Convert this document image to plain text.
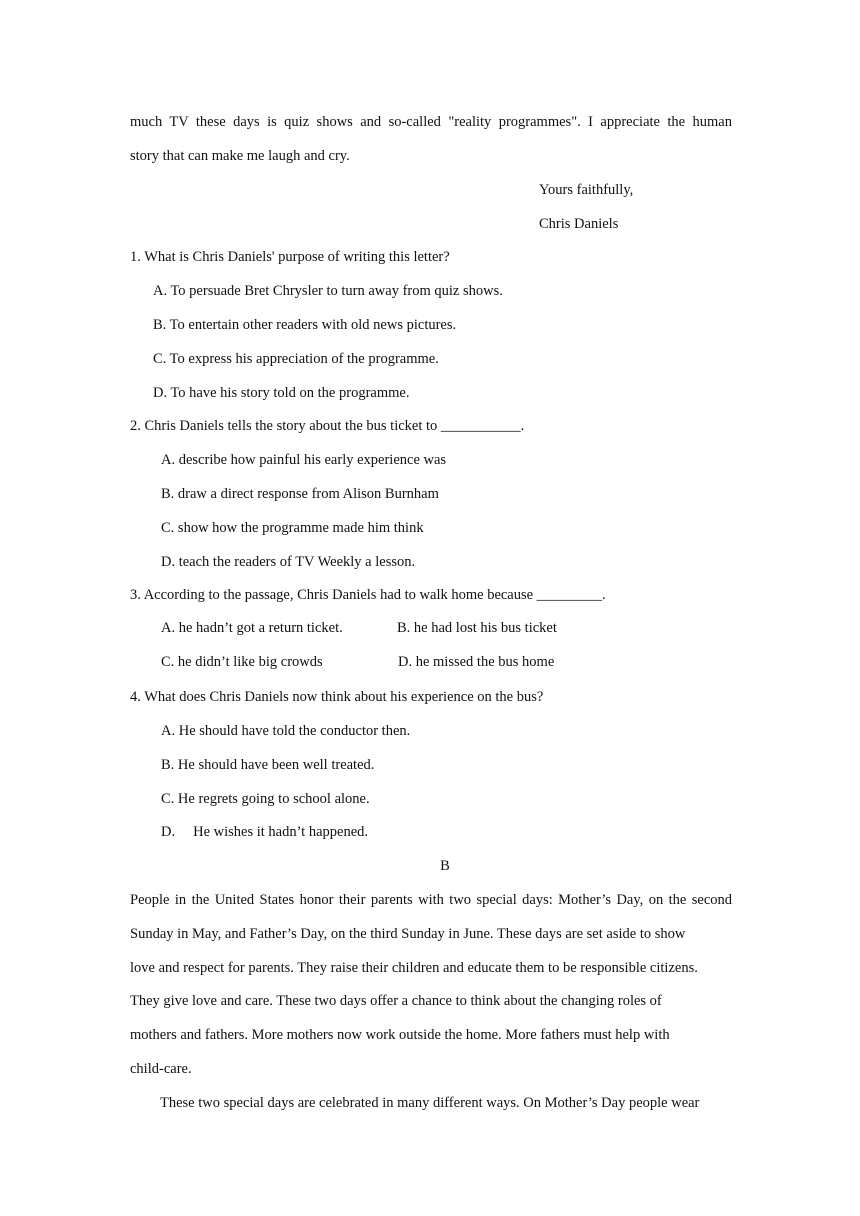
much TV these days is quiz shows and so-called "reality programmes". I appreciate the human
story that can make me laugh and cry.
Yours faithfully,
Chris Daniels
1. What is Chris Daniels' purpose of writing this letter?
A. To persuade Bret Chrysler to turn away from quiz shows.
B. To entertain other readers with old news pictures.
C. To express his appreciation of the programme.
D. To have his story told on the programme.
2. Chris Daniels tells the story about the bus ticket to ___________.
A. describe how painful his early experience was
B. draw a direct response from Alison Burnham
C. show how the programme made him think
D. teach the readers of TV Weekly a lesson.
3. According to the passage, Chris Daniels had to walk home because _________.
A. he hadn’t got a return ticket.	B. he had lost his bus ticket
C. he didn’t like big crowds	D. he missed the bus home
4. What does Chris Daniels now think about his experience on the bus?
A. He should have told the conductor then.
B. He should have been well treated.
C. He regrets going to school alone.
D. He wishes it hadn’t happened.
B
People in the United States honor their parents with two special days: Mother’s Day, on the second
Sunday in May, and Father’s Day, on the third Sunday in June. These days are set aside to show
love and respect for parents. They raise their children and educate them to be responsible citizens.
They give love and care. These two days offer a chance to think about the changing roles of
mothers and fathers. More mothers now work outside the home. More fathers must help with
child-care.
These two special days are celebrated in many different ways. On Mother’s Day people wear
